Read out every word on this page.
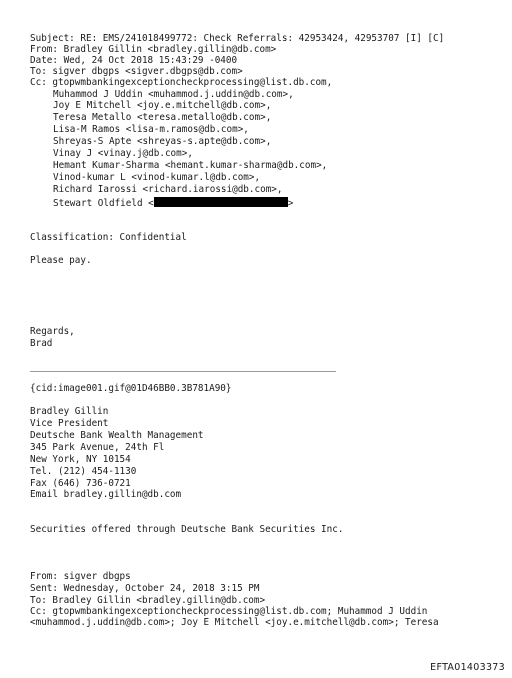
Subject: RE: EMS/241018499772: Check Referrals: 42953424, 42953707 [I] [C]
From: Bradley Gillin <bradley.gillin@db.com>
Date: Wed, 24 Oct 2018 15:43:29 -0400
To: sigver dbgps <sigver.dbgps@db.com>
Cc: gtopwmbankingexceptioncheckprocessing@list.db.com,
Muhammod J Uddin <muhammod.j.uddin@db.com>,
Joy E Mitchell <joy.e.mitchell@db.com>,
Teresa Metallo <teresa.metallo@db.com>,
Lisa-M Ramos <lisa-m.ramos@db.com>,
Shreyas-S Apte <shreyas-s.apte@db.com>,
Vinay J <vinay.j@db.com>,
Hemant Kumar-Sharma <hemant.kumar-sharma@db.com>,
Vinod-kumar L <vinod-kumar.l@db.com>,
Richard Iarossi <richard.iarossi@db.com>,
Stewart Oldfield <	>
Classification: Confidential
Please pay.
Regards,
Brad
{cid:image001.gif@01D46BB0.3B781A90}
Bradley Gillin
Vice President
Deutsche Bank Wealth Management
345 Park Avenue, 24th Fl
New York, NY 10154
Tel. (212) 454-1130
Fax (646) 736-0721
Email bradley.gillin@db.com
Securities offered through Deutsche Bank Securities Inc.
From: sigver dbgps
Sent: Wednesday, October 24, 2018 3:15 PM
To: Bradley Gillin <bradley.gillin@db.com>
Cc: gtopwmbankingexceptioncheckprocessing@list.db.com; Muhammod J Uddin
<muhammod.j.uddin@db.com>; Joy E Mitchell <joy.e.mitchell@db.com>; Teresa
EFTA01403373
